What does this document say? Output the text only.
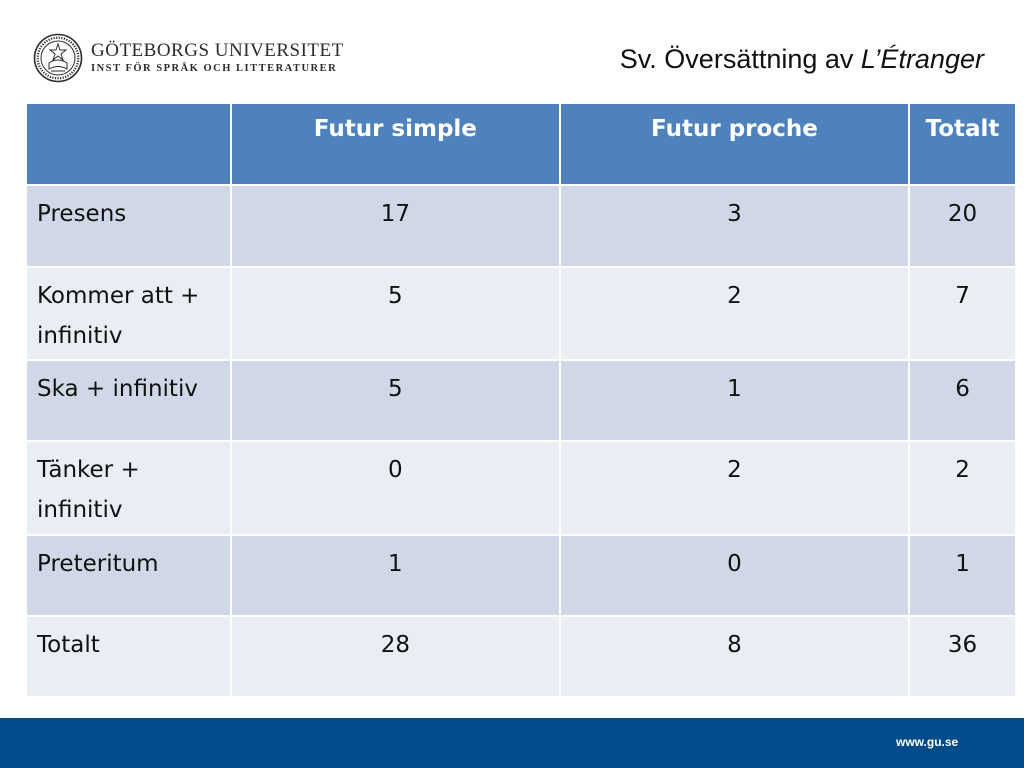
GÖTEBORGS UNIVERSITET
INST FÖR SPRÅK OCH LITTERATURER	Sv. Översättning av L’Étranger
	Futur simple	Futur proche	Totalt
Presens	17	3	20
Kommer att + infinitiv	5	2	7
Ska + infinitiv	5	1	6
Tänker + infinitiv	0	2	2
Preteritum	1	0	1
Totalt	28	8	36
www.gu.se
